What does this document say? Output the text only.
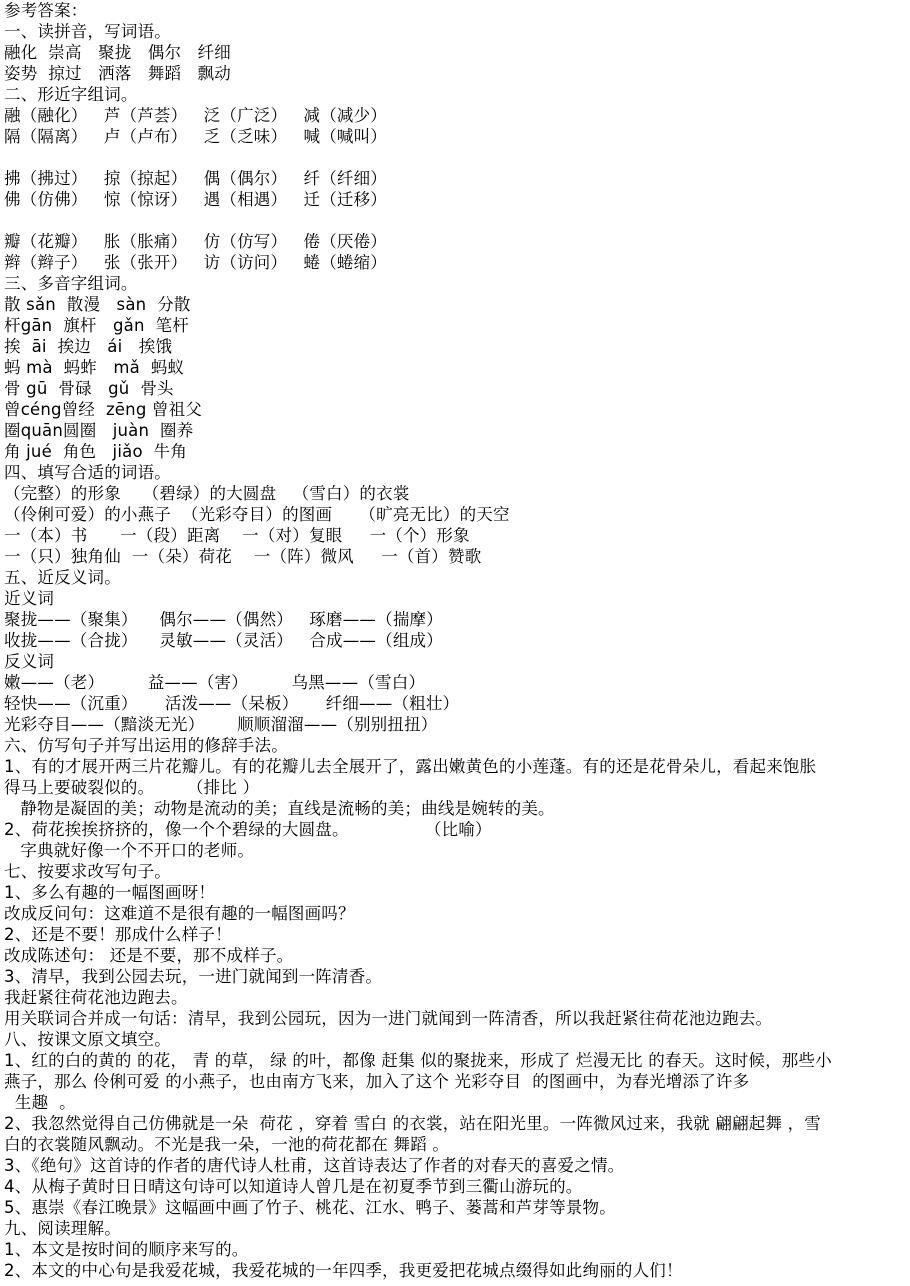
参考答案：
一、读拼音，写词语。
融化  崇高   聚拢   偶尔   纤细
姿势  掠过   洒落   舞蹈   飘动
二、形近字组词。
融（融化）   芦（芦荟）   泛（广泛）   减（减少）
隔（隔离）   卢（卢布）   乏（乏味）   喊（喊叫）
拂（拂过）   掠（掠起）   偶（偶尔）   纤（纤细）
佛（仿佛）   惊（惊讶）   遇（相遇）   迁（迁移）
瓣（花瓣）   胀（胀痛）   仿（仿写）   倦（厌倦）
辫（辫子）   张（张开）   访（访问）   蜷（蜷缩）
三、多音字组词。
散 sǎn  散漫   sàn  分散
杆gān  旗杆   gǎn  笔杆
挨  āi  挨边   ái   挨饿
蚂 mà  蚂蚱   mǎ  蚂蚁
骨 gū  骨碌   gǔ  骨头
曾céng曾经  zēng 曾祖父
圈quān圆圈   juàn  圈养
角 jué  角色   jiǎo  牛角
四、填写合适的词语。
（完整）的形象    （碧绿）的大圆盘   （雪白）的衣裳
（伶俐可爱）的小燕子  （光彩夺目）的图画     （旷亮无比）的天空
一（本）书      一（段）距离    一（对）复眼     一（个）形象
一（只）独角仙  一（朵）荷花    一（阵）微风     一（首）赞歌
五、近反义词。
近义词
聚拢——（聚集）    偶尔——（偶然）   琢磨——（揣摩）
收拢——（合拢）    灵敏——（灵活）   合成——（组成）
反义词
嫩——（老）        益——（害）        乌黑——（雪白）
轻快——（沉重）     活泼——（呆板）     纤细——（粗壮）
光彩夺目——（黯淡无光）      顺顺溜溜——（别别扭扭）
六、仿写句子并写出运用的修辞手法。
1、有的才展开两三片花瓣儿。有的花瓣儿去全展开了，露出嫩黄色的小莲蓬。有的还是花骨朵儿，看起来饱胀
得马上要破裂似的。      （排比 ）
静物是凝固的美；动物是流动的美；直线是流畅的美；曲线是婉转的美。
2、荷花挨挨挤挤的，像一个个碧绿的大圆盘。              （比喻）
字典就好像一个不开口的老师。
七、按要求改写句子。
1、多么有趣的一幅图画呀！
改成反问句：这难道不是很有趣的一幅图画吗？
2、还是不要！那成什么样子！
改成陈述句： 还是不要，那不成样子。
3、清早，我到公园去玩，一进门就闻到一阵清香。
我赶紧往荷花池边跑去。
用关联词合并成一句话：清早，我到公园玩，因为一进门就闻到一阵清香，所以我赶紧往荷花池边跑去。
八、按课文原文填空。
1、红的白的黄的 的花， 青 的草， 绿 的叶，都像 赶集 似的聚拢来，形成了 烂漫无比 的春天。这时候，那些小
燕子，那么 伶俐可爱 的小燕子，也由南方飞来，加入了这个 光彩夺目  的图画中，为春光增添了许多
生趣  。
2、我忽然觉得自己仿佛就是一朵  荷花 ，穿着 雪白 的衣裳，站在阳光里。一阵微风过来，我就 翩翩起舞 ，雪
白的衣裳随风飘动。不光是我一朵，一池的荷花都在 舞蹈 。
3、《绝句》这首诗的作者的唐代诗人杜甫，这首诗表达了作者的对春天的喜爱之情。
4、从梅子黄时日日晴这句诗可以知道诗人曾几是在初夏季节到三衢山游玩的。
5、惠崇《春江晚景》这幅画中画了竹子、桃花、江水、鸭子、蒌蒿和芦芽等景物。
九、阅读理解。
1、本文是按时间的顺序来写的。
2、本文的中心句是我爱花城，我爱花城的一年四季，我更爱把花城点缀得如此绚丽的人们！
